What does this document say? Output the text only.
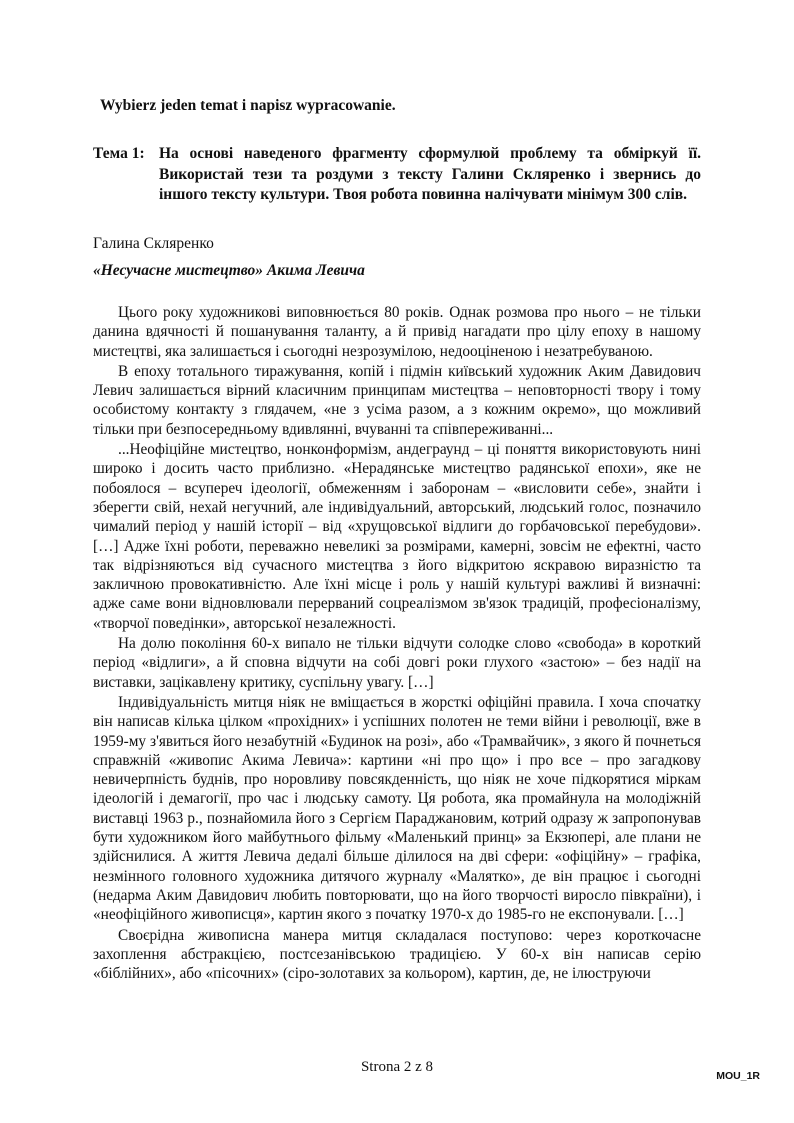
Wybierz jeden temat i napisz wypracowanie.
Тема 1: На основі наведеного фрагменту сформулюй проблему та обміркуй її. Використай тези та роздуми з тексту Галини Скляренко і звернись до іншого тексту культури. Твоя робота повинна налічувати мінімум 300 слів.
Галина Скляренко
«Несучасне мистецтво» Акима Левича

Цього року художникові виповнюється 80 років. Однак розмова про нього – не тільки данина вдячності й пошанування таланту, а й привід нагадати про цілу епоху в нашому мистецтві, яка залишається і сьогодні незрозумілою, недооціненою і незатребуваною.

В епоху тотального тиражування, копій і підмін київський художник Аким Давидович Левич залишається вірний класичним принципам мистецтва – неповторності твору і тому особистому контакту з глядачем, «не з усіма разом, а з кожним окремо», що можливий тільки при безпосередньому вдивлянні, вчуванні та співпереживанні...

...Неофіційне мистецтво, нонконформізм, андеграунд – ці поняття використовують нині широко і досить часто приблизно. «Нерадянське мистецтво радянської епохи», яке не побоялося – всупереч ідеології, обмеженням і заборонам – «висловити себе», знайти і зберегти свій, нехай негучний, але індивідуальний, авторський, людський голос, позначило чималий період у нашій історії – від «хрущовської відлиги до горбачовської перебудови». […] Адже їхні роботи, переважно невеликі за розмірами, камерні, зовсім не ефектні, часто так відрізняються від сучасного мистецтва з його відкритою яскравою виразністю та закличною провокативністю. Але їхні місце і роль у нашій культурі важливі й визначні: адже саме вони відновлювали перерваний соцреалізмом зв'язок традицій, професіоналізму, «творчої поведінки», авторської незалежності.

На долю покоління 60-х випало не тільки відчути солодке слово «свобода» в короткий період «відлиги», а й сповна відчути на собі довгі роки глухого «застою» – без надії на виставки, зацікавлену критику, суспільну увагу. […]

Індивідуальність митця ніяк не вміщається в жорсткі офіційні правила. І хоча спочатку він написав кілька цілком «прохідних» і успішних полотен не теми війни і революції, вже в 1959-му з'явиться його незабутній «Будинок на розі», або «Трамвайчик», з якого й почнеться справжній «живопис Акима Левича»: картини «ні про що» і про все – про загадкову невичерпність буднів, про норовливу повсякденність, що ніяк не хоче підкорятися міркам ідеологій і демагогії, про час і людську самоту. Ця робота, яка промайнула на молодіжній виставці 1963 р., познайомила його з Сергієм Параджановим, котрий одразу ж запропонував бути художником його майбутнього фільму «Маленький принц» за Екзюпері, але плани не здійснилися. А життя Левича дедалі більше ділилося на дві сфери: «офіційну» – графіка, незмінного головного художника дитячого журналу «Малятко», де він працює і сьогодні (недарма Аким Давидович любить повторювати, що на його творчості виросло півкраїни), і «неофіційного живописця», картин якого з початку 1970-х до 1985-го не експонували. […]

Своєрідна живописна манера митця складалася поступово: через короткочасне захоплення абстракцією, постсезанівською традицією. У 60-х він написав серію «біблійних», або «пісочних» (сіро-золотавих за кольором), картин, де, не ілюструючи

Strona 2 z 8
MOU_1R
